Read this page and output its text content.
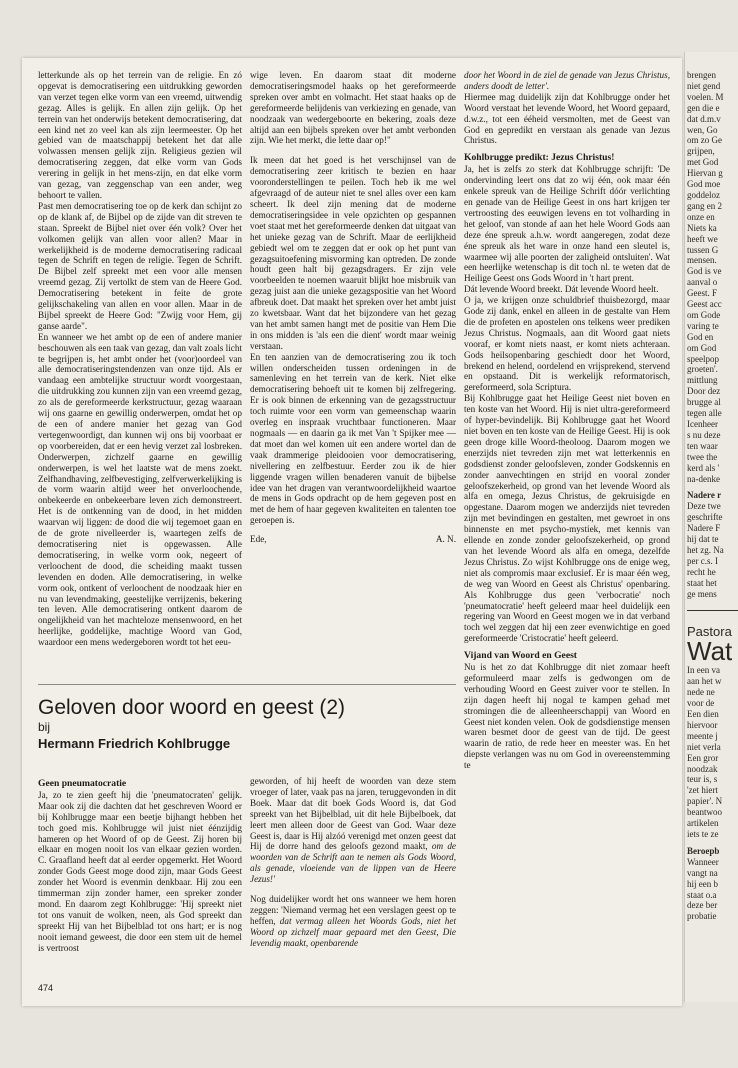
letterkunde als op het terrein van de religie. En zó opgevat is democratisering een uitdrukking geworden van verzet tegen elke vorm van een vreemd, uitwendig gezag. Alles is gelijk. En allen zijn gelijk. Op het terrein van het onderwijs betekent democratisering, dat een kind net zo veel kan als zijn leermeester. Op het gebied van de maatschappij betekent het dat alle volwassen mensen gelijk zijn. Religieus gezien wil democratisering zeggen, dat elke vorm van Gods verering in gelijk in het mens-zijn, en dat elke vorm van gezag, van zeggenschap van een ander, weg behoort te vallen.

Past men democratisering toe op de kerk dan schijnt zo op de klank af, de Bijbel op de zijde van dit streven te staan. Spreekt de Bijbel niet over één volk? Over het volkomen gelijk van allen voor allen? Maar in werkelijkheid is de moderne democratisering radicaal tegen de Schrift en tegen de religie. Tegen de Schrift. De Bijbel zelf spreekt met een voor alle mensen vreemd gezag. Zij vertolkt de stem van de Heere God. Democratisering betekent in feite de grote gelijkschakeling van allen en voor allen. Maar in de Bijbel spreekt de Heere God: "Zwijg voor Hem, gij ganse aarde".

En wanneer we het ambt op de een of andere manier beschouwen als een taak van gezag, dan valt zoals licht te begrijpen is, het ambt onder het (voor)oordeel van alle democratiseringstendenzen van onze tijd. Als er vandaag een ambtelijke structuur wordt voorgestaan, die uitdrukking zou kunnen zijn van een vreemd gezag, zo als de gereformeerde kerkstructuur, gezag waaraan wij ons gaarne en gewillig onderwerpen, omdat het op de een of andere manier het gezag van God vertegenwoordigt, dan kunnen wij ons bij voorbaat er op voorbereiden, dat er een hevig verzet zal losbreken. Onderwerpen, zichzelf gaarne en gewillig onderwerpen, is wel het laatste wat de mens zoekt. Zelfhandhaving, zelfbevestiging, zelfverwerkelijking is de vorm waarin altijd weer het onverloochende, onbekeerde en onbekeerbare leven zich demonstreert. Het is de ontkenning van de dood, in het midden waarvan wij liggen: de dood die wij tegemoet gaan en de de grote nivelleerder is, waartegen zelfs de democratisering niet is opgewassen. Alle democratisering, in welke vorm ook, negeert of verloochent de dood, die scheiding maakt tussen levenden en doden. Alle democratisering, in welke vorm ook, ontkent of verloochent de noodzaak hier en nu van levendmaking, geestelijke verrijzenis, bekering ten leven. Alle democratisering ontkent daarom de ongelijkheid van het machteloze mensenwoord, en het heerlijke, goddelijke, machtige Woord van God, waardoor een mens wedergeboren wordt tot het eeu-

wige leven. En daarom staat dit moderne democratiseringsmodel haaks op het gereformeerde spreken over ambt en volmacht. Het staat haaks op de gereformeerde belijdenis van verkiezing en genade, van noodzaak van wedergeboorte en bekering, zoals deze altijd aan een bijbels spreken over het ambt verbonden zijn. Wie het merkt, die lette daar op!"

Ik meen dat het goed is het verschijnsel van de democratisering zeer kritisch te bezien en haar vooronderstellingen te peilen. Toch heb ik me wel afgevraagd of de auteur niet te snel alles over een kam scheert. Ik deel zijn mening dat de moderne democratiseringsidee in vele opzichten op gespannen voet staat met het gereformeerde denken dat uitgaat van het unieke gezag van de Schrift. Maar de eerlijkheid gebiedt wel om te zeggen dat er ook op het punt van gezagsuitoefening misvorming kan optreden. De zonde houdt geen halt bij gezagsdragers. Er zijn vele voorbeelden te noemen waaruit blijkt hoe misbruik van gezag juist aan die unieke gezagspositie van het Woord afbreuk doet. Dat maakt het spreken over het ambt juist zo kwetsbaar. Want dat het bijzondere van het gezag van het ambt samen hangt met de positie van Hem Die in ons midden is 'als een die dient' wordt maar weinig verstaan.

En ten aanzien van de democratisering zou ik toch willen onderscheiden tussen ordeningen in de samenleving en het terrein van de kerk. Niet elke democratisering behoeft uit te komen bij zelfregering. Er is ook binnen de erkenning van de gezagsstructuur toch ruimte voor een vorm van gemeenschap waarin overleg en inspraak vruchtbaar functioneren. Maar nogmaals — en daarin ga ik met Van 't Spijker mee — dat moet dan wel komen uit een andere wortel dan de vaak drammerige pleidooien voor democratisering, nivellering en zelfbestuur. Eerder zou ik de hier liggende vragen willen benaderen vanuit de bijbelse idee van het dragen van verantwoordelijkheid waartoe de mens in Gods opdracht op de hem gegeven post en met de hem of haar gegeven kwaliteiten en talenten toe geroepen is.

Ede,	A. N.

door het Woord in de ziel de genade van Jezus Christus, anders doodt de letter'.

Hiermee mag duidelijk zijn dat Kohlbrugge onder het Woord verstaat het levende Woord, het Woord gepaard, d.w.z., tot een ééheid versmolten, met de Geest van God en gepredikt en verstaan als genade van Jezus Christus.

Kohlbrugge predikt: Jezus Christus!

Ja, het is zelfs zo sterk dat Kohlbrugge schrijft: 'De ondervinding leert ons dat zo wij één, ook maar één enkele spreuk van de Heilige Schrift dóór verlichting en genade van de Heilige Geest in ons hart krijgen ter vertroosting des eeuwigen levens en tot volharding in het geloof, van stonde af aan het hele Woord Gods aan deze éne spreuk a.h.w. wordt aangeregen, zodat deze éne spreuk als het ware in onze hand een sleutel is, waarmee wij alle poorten der zaligheid ontsluiten'. Wat een heerlijke wetenschap is dit toch nl. te weten dat de Heilige Geest ons Gods Woord in 't hart prent.

Dát levende Woord breekt. Dát levende Woord heelt.

O ja, we krijgen onze schuldbrief thuisbezorgd, maar Gode zij dank, enkel en alleen in de gestalte van Hem die de profeten en apostelen ons telkens weer prediken Jezus Christus. Nogmaals, aan dit Woord gaat niets vooraf, er komt niets naast, er komt niets achteraan. Gods heilsopenbaring geschiedt door het Woord, brekend en helend, oordelend en vrijsprekend, stervend en opstaand. Dit is werkelijk reformatorisch, gereformeerd, sola Scriptura.

Bij Kohlbrugge gaat het Heilige Geest niet boven en ten koste van het Woord. Hij is niet ultra-gereformeerd of hyper-bevindelijk. Bij Kohlbrugge gaat het Woord niet boven en ten koste van de Heilige Geest. Hij is ook geen droge kille Woord-theoloog. Daarom mogen we enerzijds niet tevreden zijn met wat letterkennis en godsdienst zonder geloofsleven, zonder Godskennis en zonder aanvechtingen en strijd en vooral zonder geloofszekerheid, op grond van het levende Woord als alfa en omega, Jezus Christus, de gekruisigde en opgestane. Daarom mogen we anderzijds niet tevreden zijn met bevindingen en gestalten, met gewroet in ons binnenste en met psycho-mystiek, met kennis van ellende en zonde zonder geloofszekerheid, op grond van het levende Woord als alfa en omega, dezelfde Jezus Christus. Zo wijst Kohlbrugge ons de enige weg, niet als compromis maar exclusief. Er is maar één weg, de weg van Woord en Geest als Christus' openbaring. Als Kohlbrugge dus geen 'verbocratie' noch 'pneumatocratie' heeft geleerd maar heel duidelijk een regering van Woord en Geest mogen we in dat verband toch wel zeggen dat hij een zeer evenwichtige en goed gereformeerde 'Cristocratie' heeft geleerd.

Vijand van Woord en Geest

Nu is het zo dat Kohlbrugge dit niet zomaar heeft geformuleerd maar zelfs is gedwongen om de verhouding Woord en Geest zuiver voor te stellen. In zijn dagen heeft hij nogal te kampen gehad met stromingen die de alleenheerschappij van Woord en Geest niet konden velen. Ook de godsdienstige mensen waren besmet door de geest van de tijd. De geest waarin de ratio, de rede heer en meester was. En het diepste verlangen was nu om God in overeenstemming te

Geloven door woord en geest (2)
bij
Hermann Friedrich Kohlbrugge

Geen pneumatocratie

Ja, zo te zien geeft hij die 'pneumatocraten' gelijk. Maar ook zij die dachten dat het geschreven Woord er bij Kohlbrugge maar een beetje bijhangt hebben het toch goed mis. Kohlbrugge wil juist niet éénzijdig hameren op het Woord of op de Geest. Zij horen bij elkaar en mogen nooit los van elkaar gezien worden. C. Graafland heeft dat al eerder opgemerkt. Het Woord zonder Gods Geest moge dood zijn, maar Gods Geest zonder het Woord is evenmin denkbaar. Hij zou een timmerman zijn zonder hamer, een spreker zonder mond. En daarom zegt Kohlbrugge: 'Hij spreekt niet tot ons vanuit de wolken, neen, als God spreekt dan spreekt Hij van het Bijbelblad tot ons hart; er is nog nooit iemand geweest, die door een stem uit de hemel is vertroost

geworden, of hij heeft de woorden van deze stem vroeger of later, vaak pas na jaren, teruggevonden in dit Boek. Maar dat dit boek Gods Woord is, dat God spreekt van het Bijbelblad, uit dit hele Bijbelboek, dat leert men alleen door de Geest van God. Waar deze Geest is, daar is Hij alzóó verenigd met onzen geest dat Hij de dorre hand des geloofs gezond maakt, om de woorden van de Schrift aan te nemen als Gods Woord, als genade, vloeiende van de lippen van de Heere Jezus!'

Nog duidelijker wordt het ons wanneer we hem horen zeggen: 'Niemand vermag het een verslagen geest op te heffen, dat vermag alleen het Woords Gods, niet het Woord op zichzelf maar gepaard met den Geest, Die levendig maakt, openbarende

474

brengen

niet gend

voelen. M

gen die e

dat d.m.v

wen, Go

om zo Ge

grijpen,

met God

Hiervan g

God moe

goddeloz

gang en 2

onze en

Niets ka

heeft we

tussen G

mensen.

God is ve

aanval o

Geest. F

Geest acc

om Gode

varing te

God en

om God

speelpop

groeten'.

mittlung

Door dez

brugge al

tegen alle

Icenheer

s nu deze

ten waar

twee the

kerd als '

na-denke

Nadere r

Deze twe

geschrifte

Nadere F

hij dat te

het zg. Na

per c.s. I

recht he

staat het

ge mens

Pastora

Wat

In een va

aan het w

nede ne

voor de

Een dien

hiervoor

meente j

niet verla

Een gror

noodzak

teur is, s

'zet hiert

papier'. N

beantwoo

artikelen

iets te ze

Beroepb

Wanneer

vangt na

hij een b

staat o.a

deze ber

probatie
